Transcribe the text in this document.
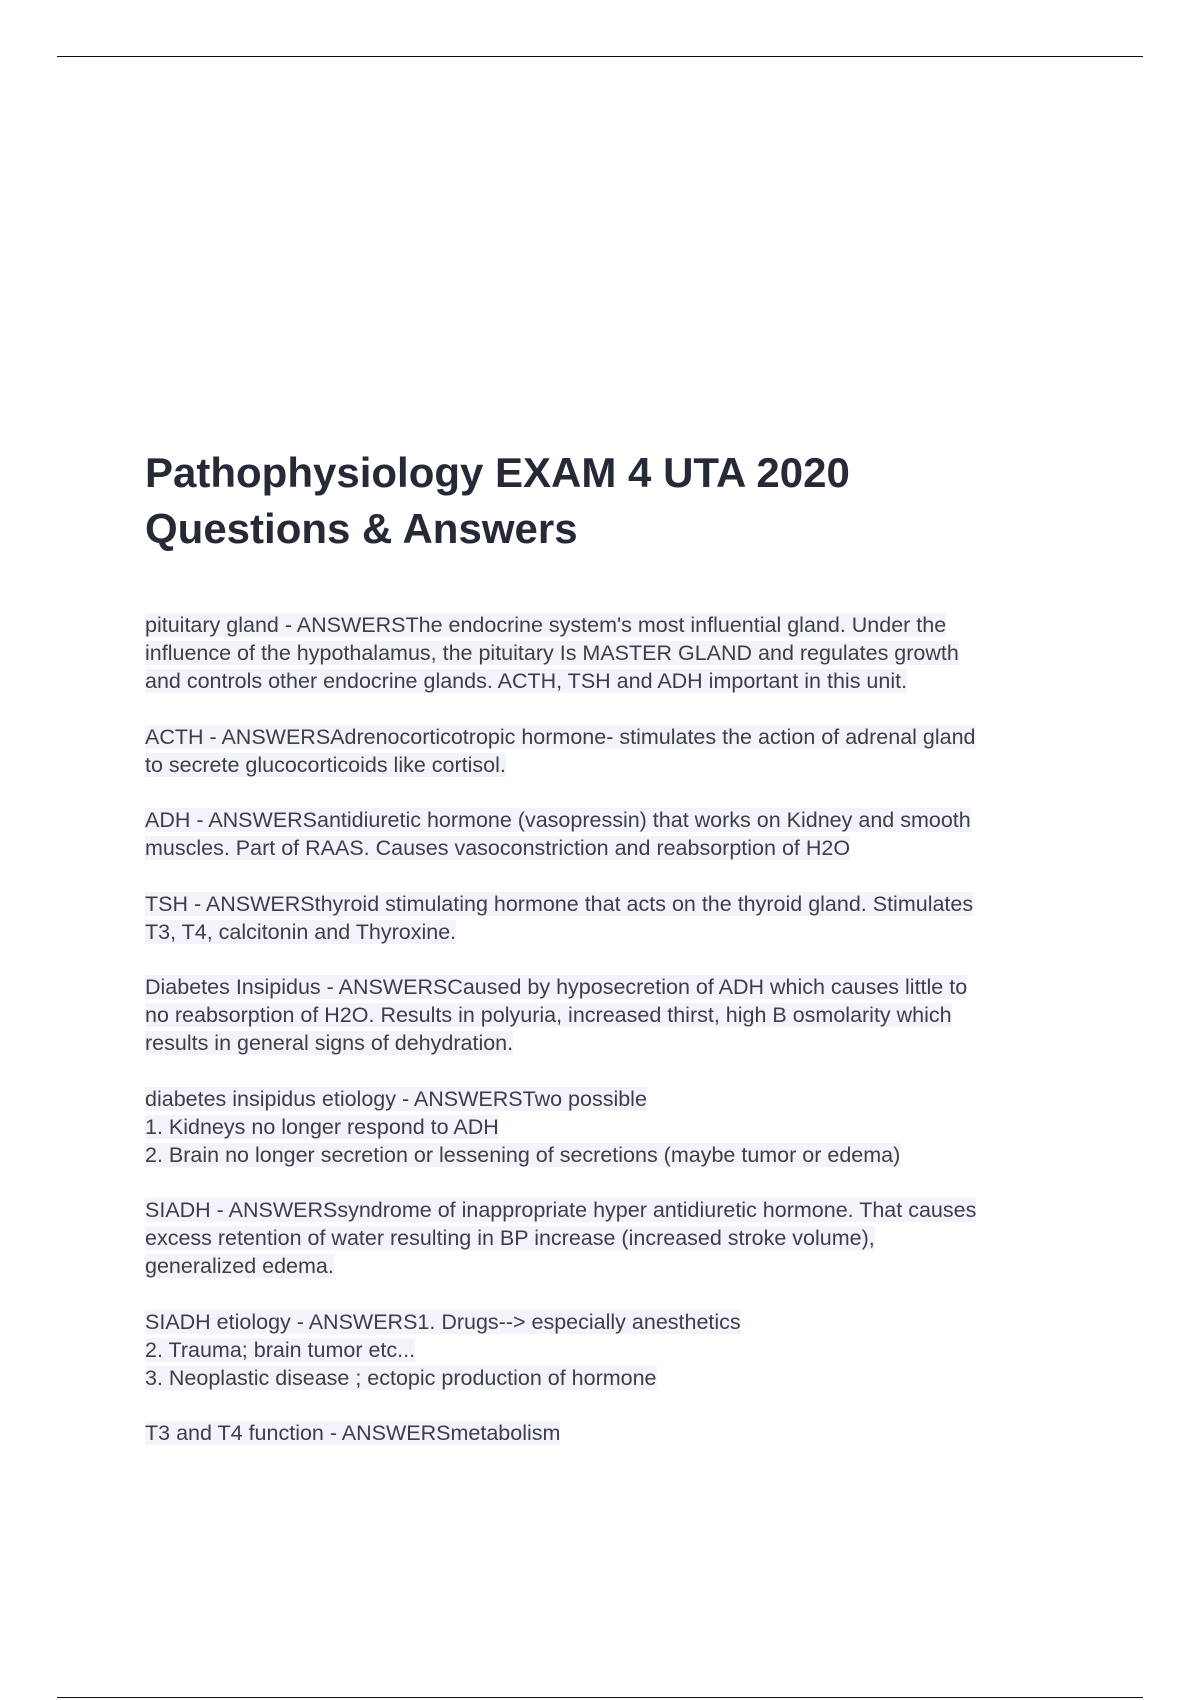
Pathophysiology EXAM 4 UTA 2020
Questions & Answers
pituitary gland - ANSWERSThe endocrine system's most influential gland. Under the
influence of the hypothalamus, the pituitary Is MASTER GLAND and regulates growth
and controls other endocrine glands. ACTH, TSH and ADH important in this unit.
ACTH - ANSWERSAdrenocorticotropic hormone- stimulates the action of adrenal gland
to secrete glucocorticoids like cortisol.
ADH - ANSWERSantidiuretic hormone (vasopressin) that works on Kidney and smooth
muscles. Part of RAAS. Causes vasoconstriction and reabsorption of H2O
TSH - ANSWERSthyroid stimulating hormone that acts on the thyroid gland. Stimulates
T3, T4, calcitonin and Thyroxine.
Diabetes Insipidus - ANSWERSCaused by hyposecretion of ADH which causes little to
no reabsorption of H2O. Results in polyuria, increased thirst, high B osmolarity which
results in general signs of dehydration.
diabetes insipidus etiology - ANSWERSTwo possible
1. Kidneys no longer respond to ADH
2. Brain no longer secretion or lessening of secretions (maybe tumor or edema)
SIADH - ANSWERSsyndrome of inappropriate hyper antidiuretic hormone. That causes
excess retention of water resulting in BP increase (increased stroke volume),
generalized edema.
SIADH etiology - ANSWERS1. Drugs--> especially anesthetics
2. Trauma; brain tumor etc...
3. Neoplastic disease ; ectopic production of hormone
T3 and T4 function - ANSWERSmetabolism
